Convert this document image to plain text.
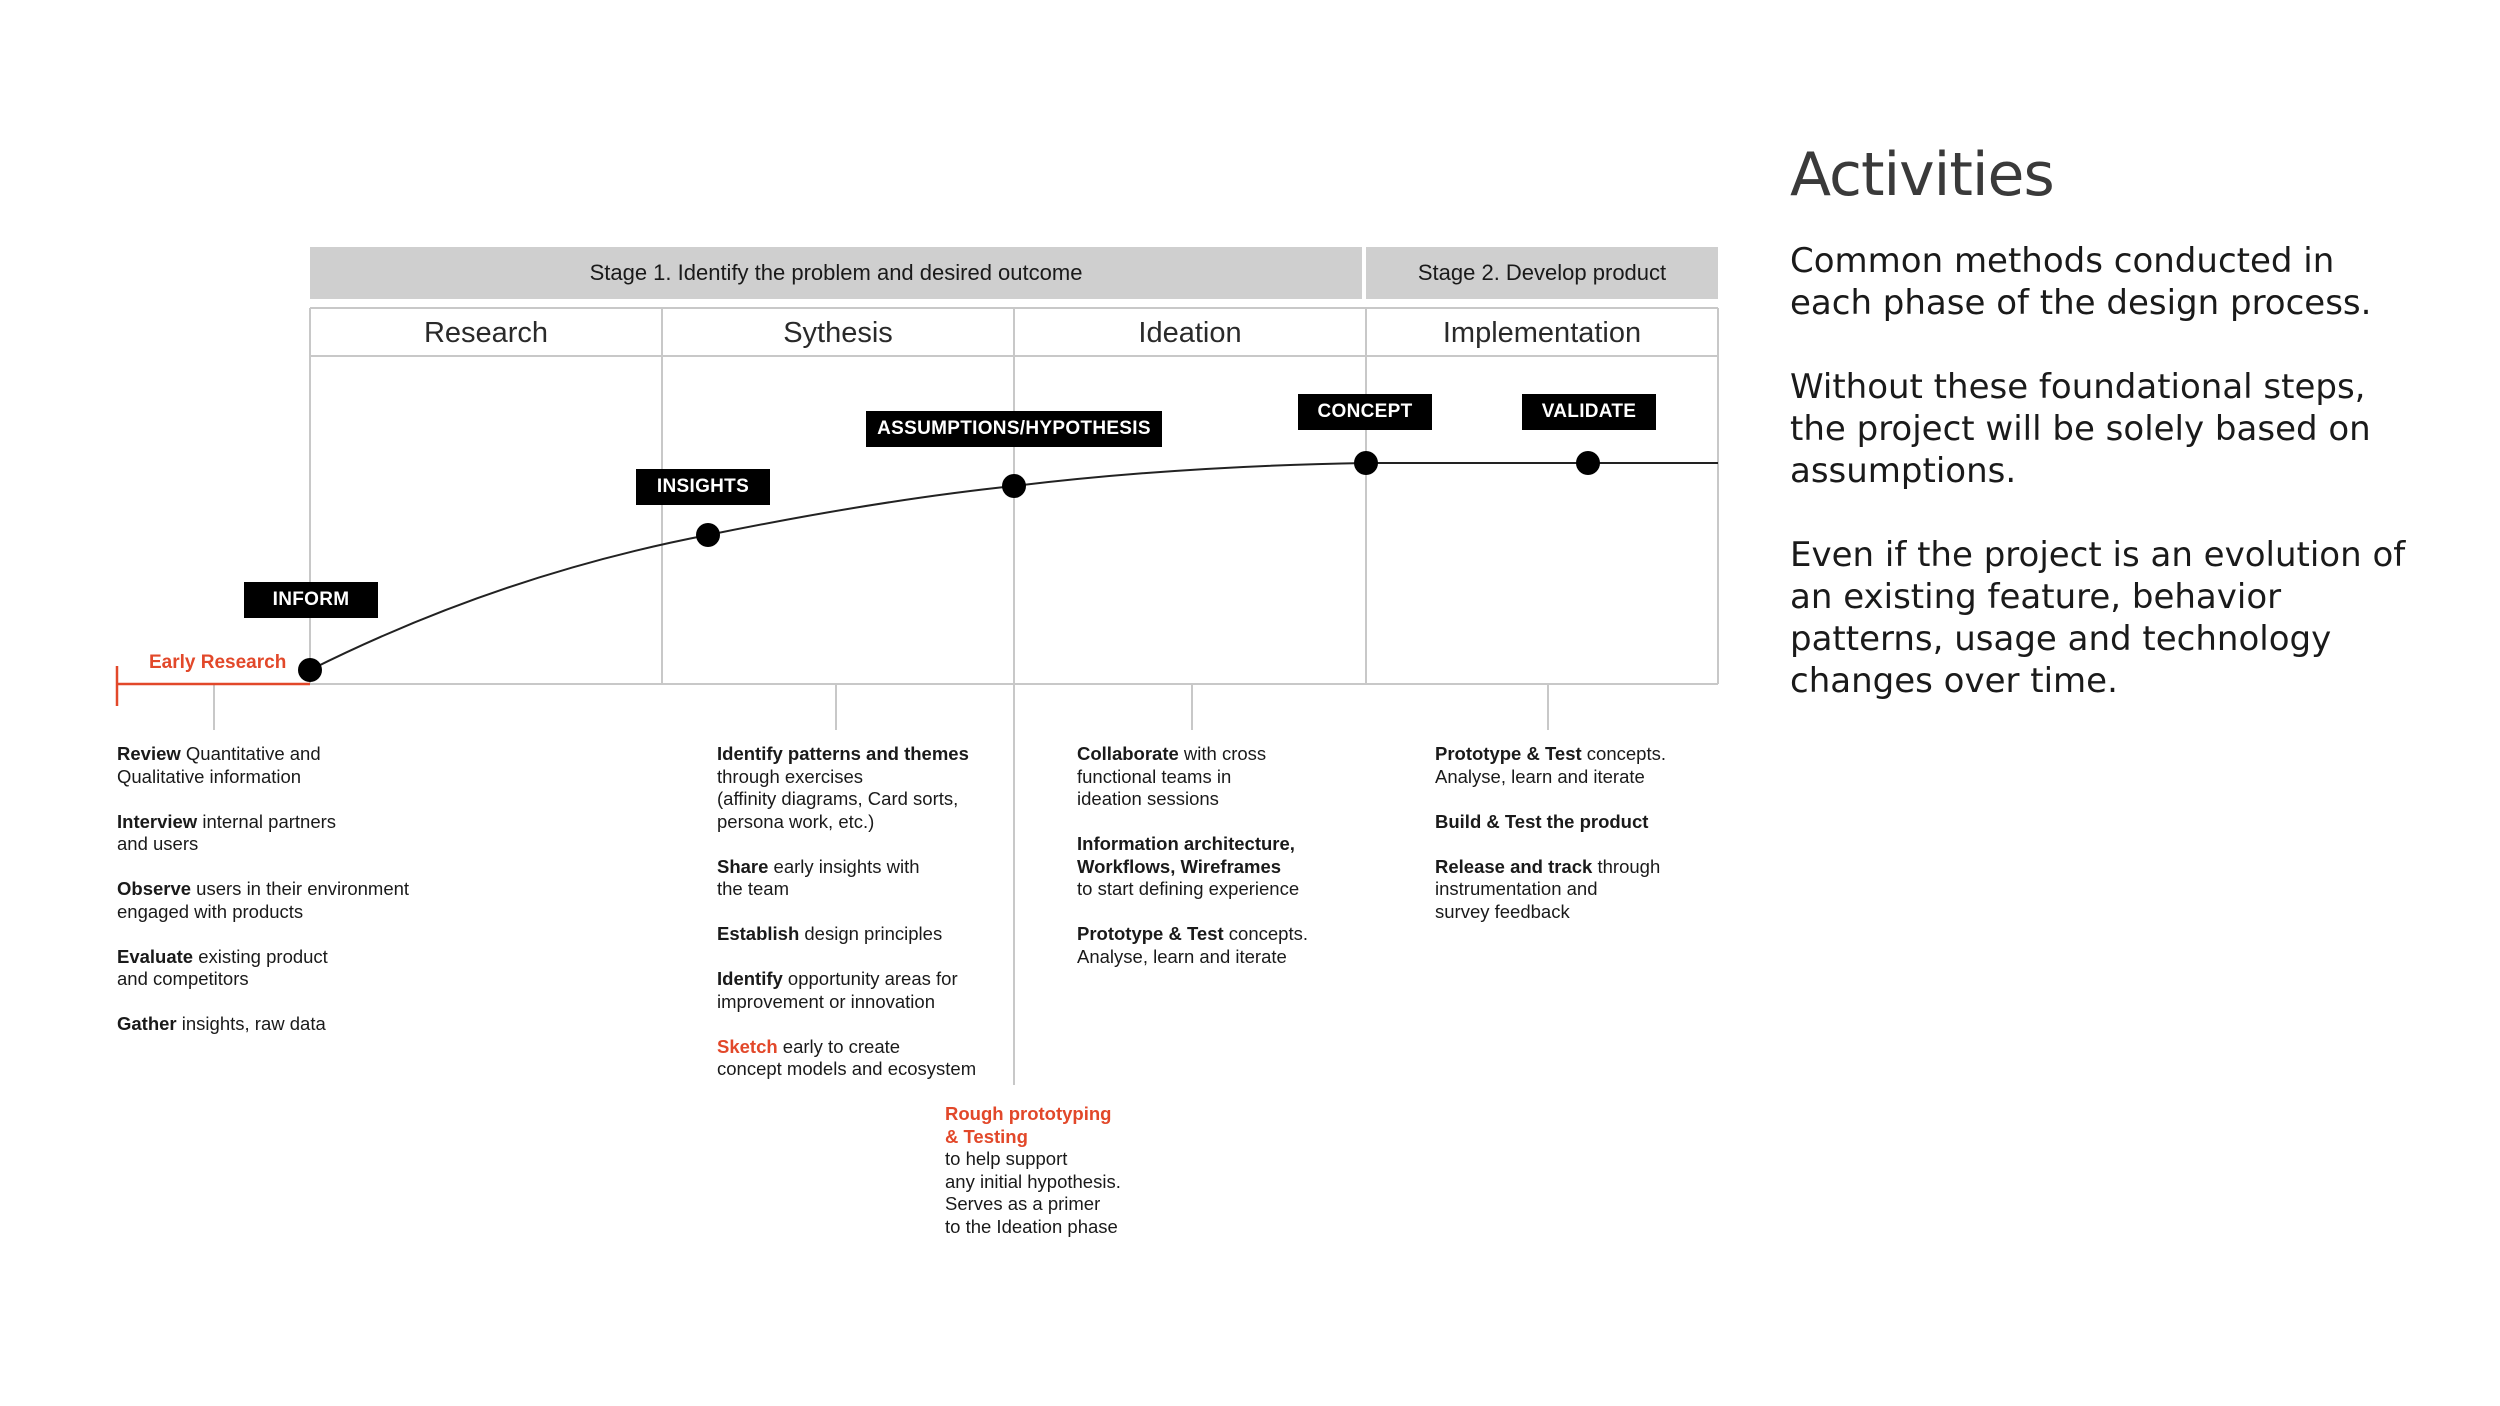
Stage 1. Identify the problem and desired outcome	Stage 2. Develop product
Research	Sythesis	Ideation	Implementation
INFORM
INSIGHTS
ASSUMPTIONS/HYPOTHESIS
CONCEPT	VALIDATE
Early Research
Review Quantitative and
Qualitative information
Interview internal partners
and users
Observe users in their environment
engaged with products
Evaluate existing product
and competitors
Gather insights, raw data
Identify patterns and themes
through exercises
(affinity diagrams, Card sorts,
persona work, etc.)
Share early insights with
the team
Establish design principles
Identify opportunity areas for
improvement or innovation
Sketch early to create
concept models and ecosystem
Rough prototyping
& Testing
to help support
any initial hypothesis.
Serves as a primer
to the Ideation phase
Collaborate with cross
functional teams in
ideation sessions
Information architecture,
Workflows, Wireframes
to start defining experience
Prototype & Test concepts.
Analyse, learn and iterate
Prototype & Test concepts.
Analyse, learn and iterate
Build & Test the product
Release and track through
instrumentation and
survey feedback
Activities

Common methods conducted in each phase of the design process.

Without these foundational steps, the project will be solely based on assumptions.

Even if the project is an evolution of an existing feature, behavior patterns, usage and technology changes over time.
